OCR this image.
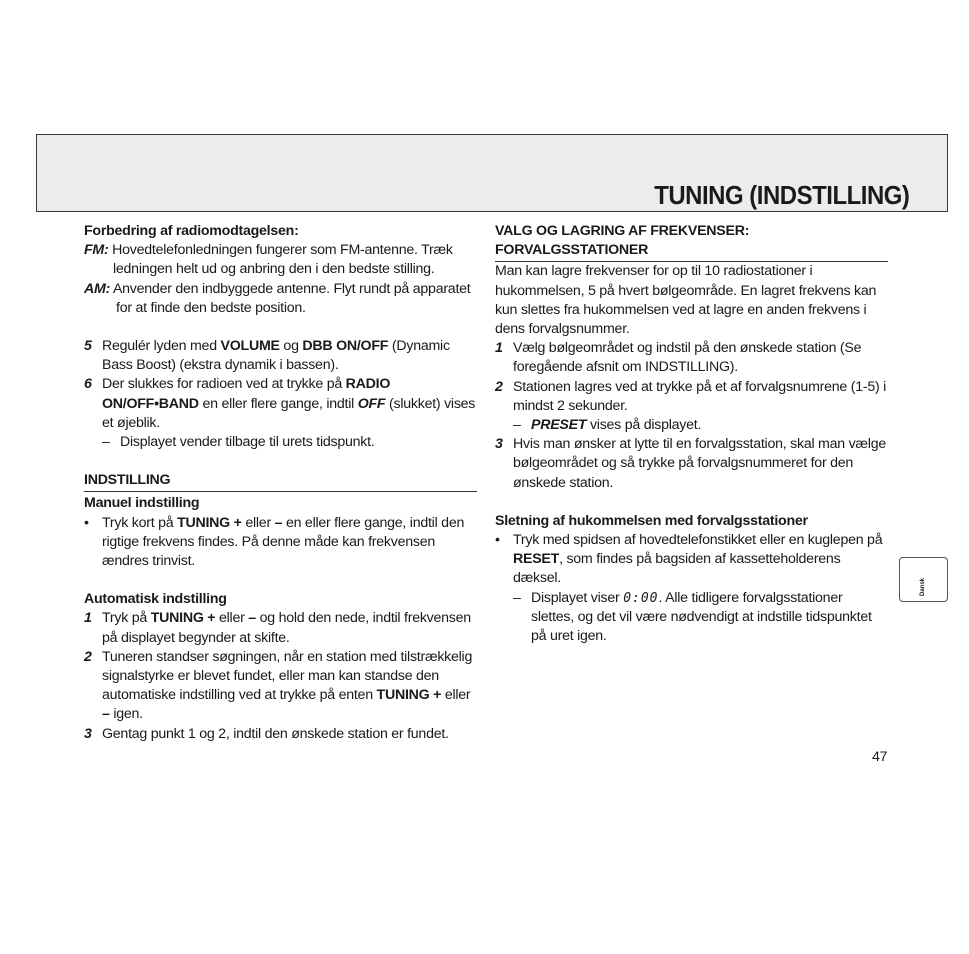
TUNING (INDSTILLING)
Forbedring af radiomodtagelsen:
FM: Hovedtelefonledningen fungerer som FM-antenne. Træk ledningen helt ud og anbring den i den bedste stilling.
AM: Anvender den indbyggede antenne. Flyt rundt på apparatet for at finde den bedste position.
5 Regulér lyden med VOLUME og DBB ON/OFF (Dynamic Bass Boost) (ekstra dynamik i bassen).
6 Der slukkes for radioen ved at trykke på RADIO ON/OFF•BAND en eller flere gange, indtil OFF (slukket) vises et øjeblik.
– Displayet vender tilbage til urets tidspunkt.
INDSTILLING
Manuel indstilling
• Tryk kort på TUNING + eller – en eller flere gange, indtil den rigtige frekvens findes. På denne måde kan frekvensen ændres trinvist.
Automatisk indstilling
1 Tryk på TUNING + eller – og hold den nede, indtil frekvensen på displayet begynder at skifte.
2 Tuneren standser søgningen, når en station med tilstrækkelig signalstyrke er blevet fundet, eller man kan standse den automatiske indstilling ved at trykke på enten TUNING + eller – igen.
3 Gentag punkt 1 og 2, indtil den ønskede station er fundet.
VALG OG LAGRING AF FREKVENSER:
FORVALGSSTATIONER
Man kan lagre frekvenser for op til 10 radiostationer i hukommelsen, 5 på hvert bølgeområde. En lagret frekvens kan kun slettes fra hukommelsen ved at lagre en anden frekvens i dens forvalgsnummer.
1 Vælg bølgeområdet og indstil på den ønskede station (Se foregående afsnit om INDSTILLING).
2 Stationen lagres ved at trykke på et af forvalgsnumrene (1-5) i mindst 2 sekunder.
– PRESET vises på displayet.
3 Hvis man ønsker at lytte til en forvalgsstation, skal man vælge bølgeområdet og så trykke på forvalgsnummeret for den ønskede station.
Sletning af hukommelsen med forvalgsstationer
• Tryk med spidsen af hovedtelefonstikket eller en kuglepen på RESET, som findes på bagsiden af kassetteholderens dæksel.
– Displayet viser 0:00. Alle tidligere forvalgsstationer slettes, og det vil være nødvendigt at indstille tidspunktet på uret igen.
Dansk
47
